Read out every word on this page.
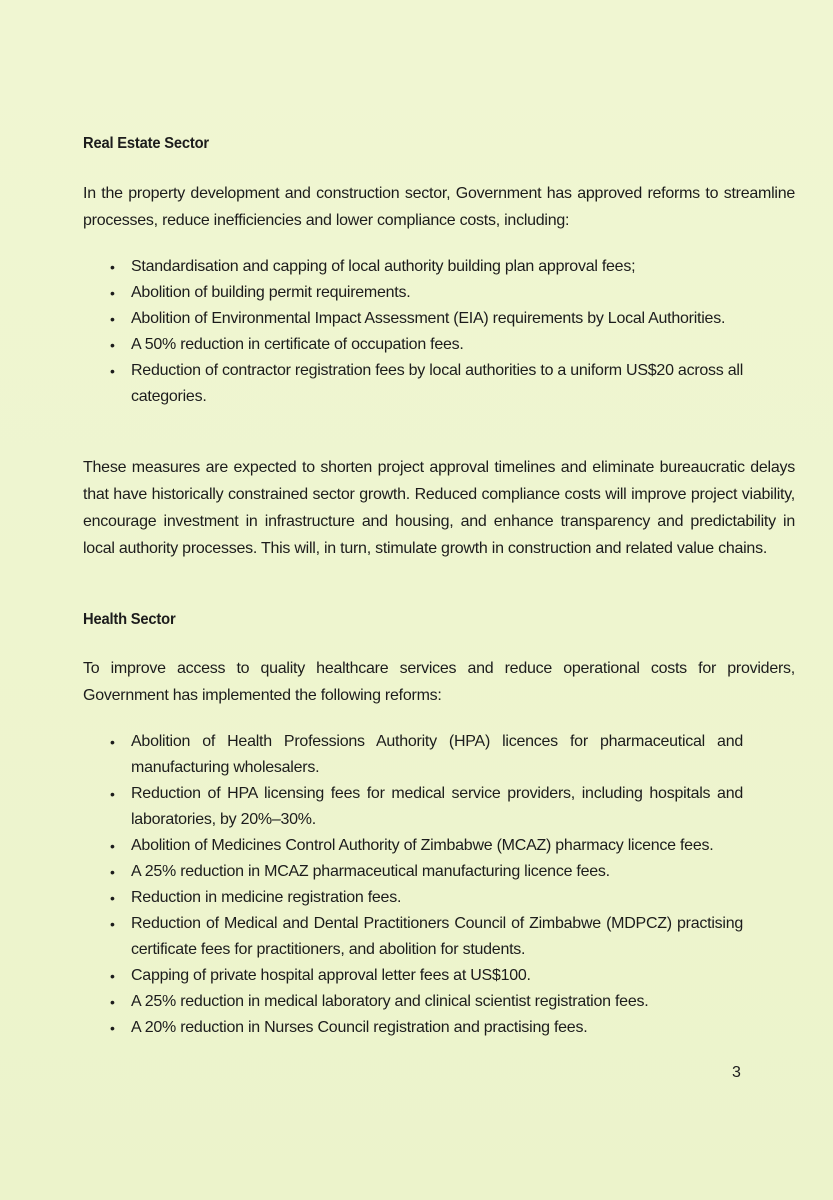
Real Estate Sector
In the property development and construction sector, Government has approved reforms to streamline processes, reduce inefficiencies and lower compliance costs, including:
• Standardisation and capping of local authority building plan approval fees;
• Abolition of building permit requirements.
• Abolition of Environmental Impact Assessment (EIA) requirements by Local Authorities.
• A 50% reduction in certificate of occupation fees.
• Reduction of contractor registration fees by local authorities to a uniform US$20 across all categories.
These measures are expected to shorten project approval timelines and eliminate bureaucratic delays that have historically constrained sector growth. Reduced compliance costs will improve project viability, encourage investment in infrastructure and housing, and enhance transparency and predictability in local authority processes. This will, in turn, stimulate growth in construction and related value chains.
Health Sector
To improve access to quality healthcare services and reduce operational costs for providers, Government has implemented the following reforms:
• Abolition of Health Professions Authority (HPA) licences for pharmaceutical and manufacturing wholesalers.
• Reduction of HPA licensing fees for medical service providers, including hospitals and laboratories, by 20%–30%.
• Abolition of Medicines Control Authority of Zimbabwe (MCAZ) pharmacy licence fees.
• A 25% reduction in MCAZ pharmaceutical manufacturing licence fees.
• Reduction in medicine registration fees.
• Reduction of Medical and Dental Practitioners Council of Zimbabwe (MDPCZ) practising certificate fees for practitioners, and abolition for students.
• Capping of private hospital approval letter fees at US$100.
• A 25% reduction in medical laboratory and clinical scientist registration fees.
• A 20% reduction in Nurses Council registration and practising fees.
3
